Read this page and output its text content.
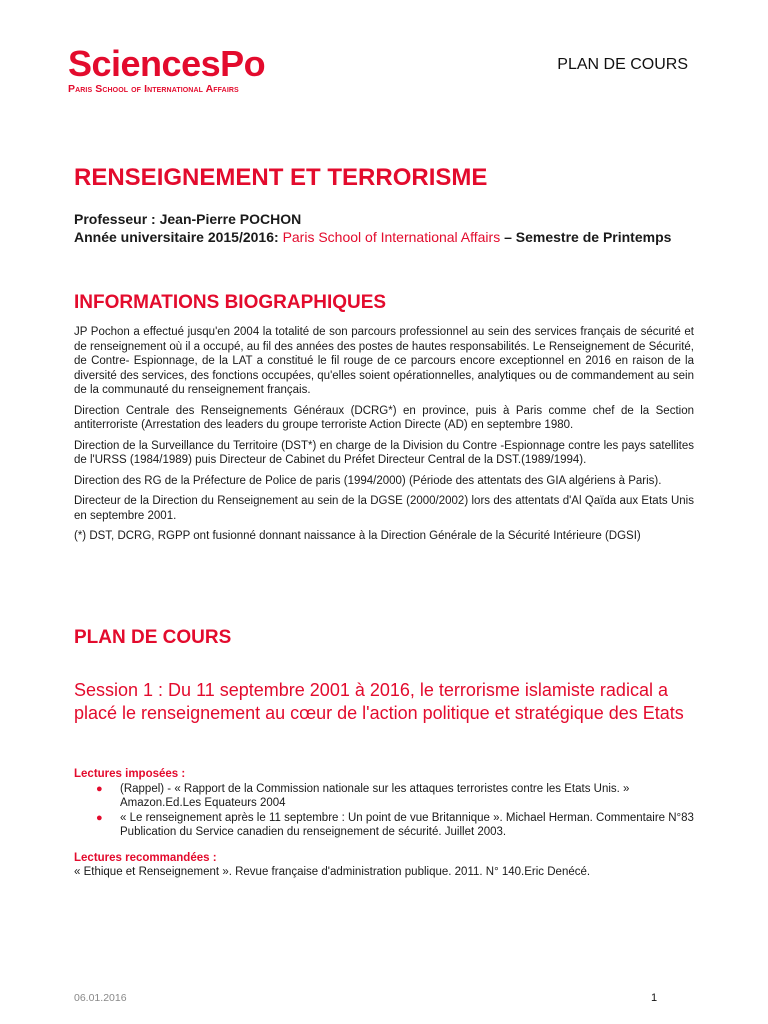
SciencesPo
Paris School of International Affairs
PLAN DE COURS
RENSEIGNEMENT ET TERRORISME
Professeur : Jean-Pierre POCHON
Année universitaire 2015/2016: Paris School of International Affairs – Semestre de Printemps
INFORMATIONS BIOGRAPHIQUES

JP Pochon a effectué jusqu'en 2004 la totalité de son parcours professionnel au sein des services français de sécurité et de renseignement où il a occupé, au fil des années des postes de hautes responsabilités. Le Renseignement de Sécurité, de Contre- Espionnage, de la LAT a constitué le fil rouge de ce parcours encore exceptionnel en 2016 en raison de la diversité des services, des fonctions occupées, qu'elles soient opérationnelles, analytiques ou de commandement au sein de la communauté du renseignement français.

Direction Centrale des Renseignements Généraux (DCRG*) en province, puis à Paris comme chef de la Section antiterroriste (Arrestation des leaders du groupe terroriste Action Directe (AD) en septembre 1980.

Direction de la Surveillance du Territoire (DST*) en charge de la Division du Contre -Espionnage contre les pays satellites de l'URSS (1984/1989) puis Directeur de Cabinet du Préfet Directeur Central de la DST.(1989/1994).

Direction des RG de la Préfecture de Police de paris (1994/2000) (Période des attentats des GIA algériens à Paris).

Directeur de la Direction du Renseignement au sein de la DGSE (2000/2002) lors des attentats d'Al Qaïda aux Etats Unis en septembre 2001.

(*) DST, DCRG, RGPP ont fusionné donnant naissance à la Direction Générale de la Sécurité Intérieure (DGSI)

PLAN DE COURS
Session 1 : Du 11 septembre 2001 à 2016, le terrorisme islamiste radical a placé le renseignement au cœur de l'action politique et stratégique des Etats
Lectures imposées :
● (Rappel) - « Rapport de la Commission nationale sur les attaques terroristes contre les Etats Unis. » Amazon.Ed.Les Equateurs 2004
● « Le renseignement après le 11 septembre : Un point de vue Britannique ». Michael Herman. Commentaire N°83 Publication du Service canadien du renseignement de sécurité. Juillet 2003.
Lectures recommandées :
« Ethique et Renseignement ». Revue française d'administration publique. 2011. N° 140.Eric Denécé.
06.01.2016	1
